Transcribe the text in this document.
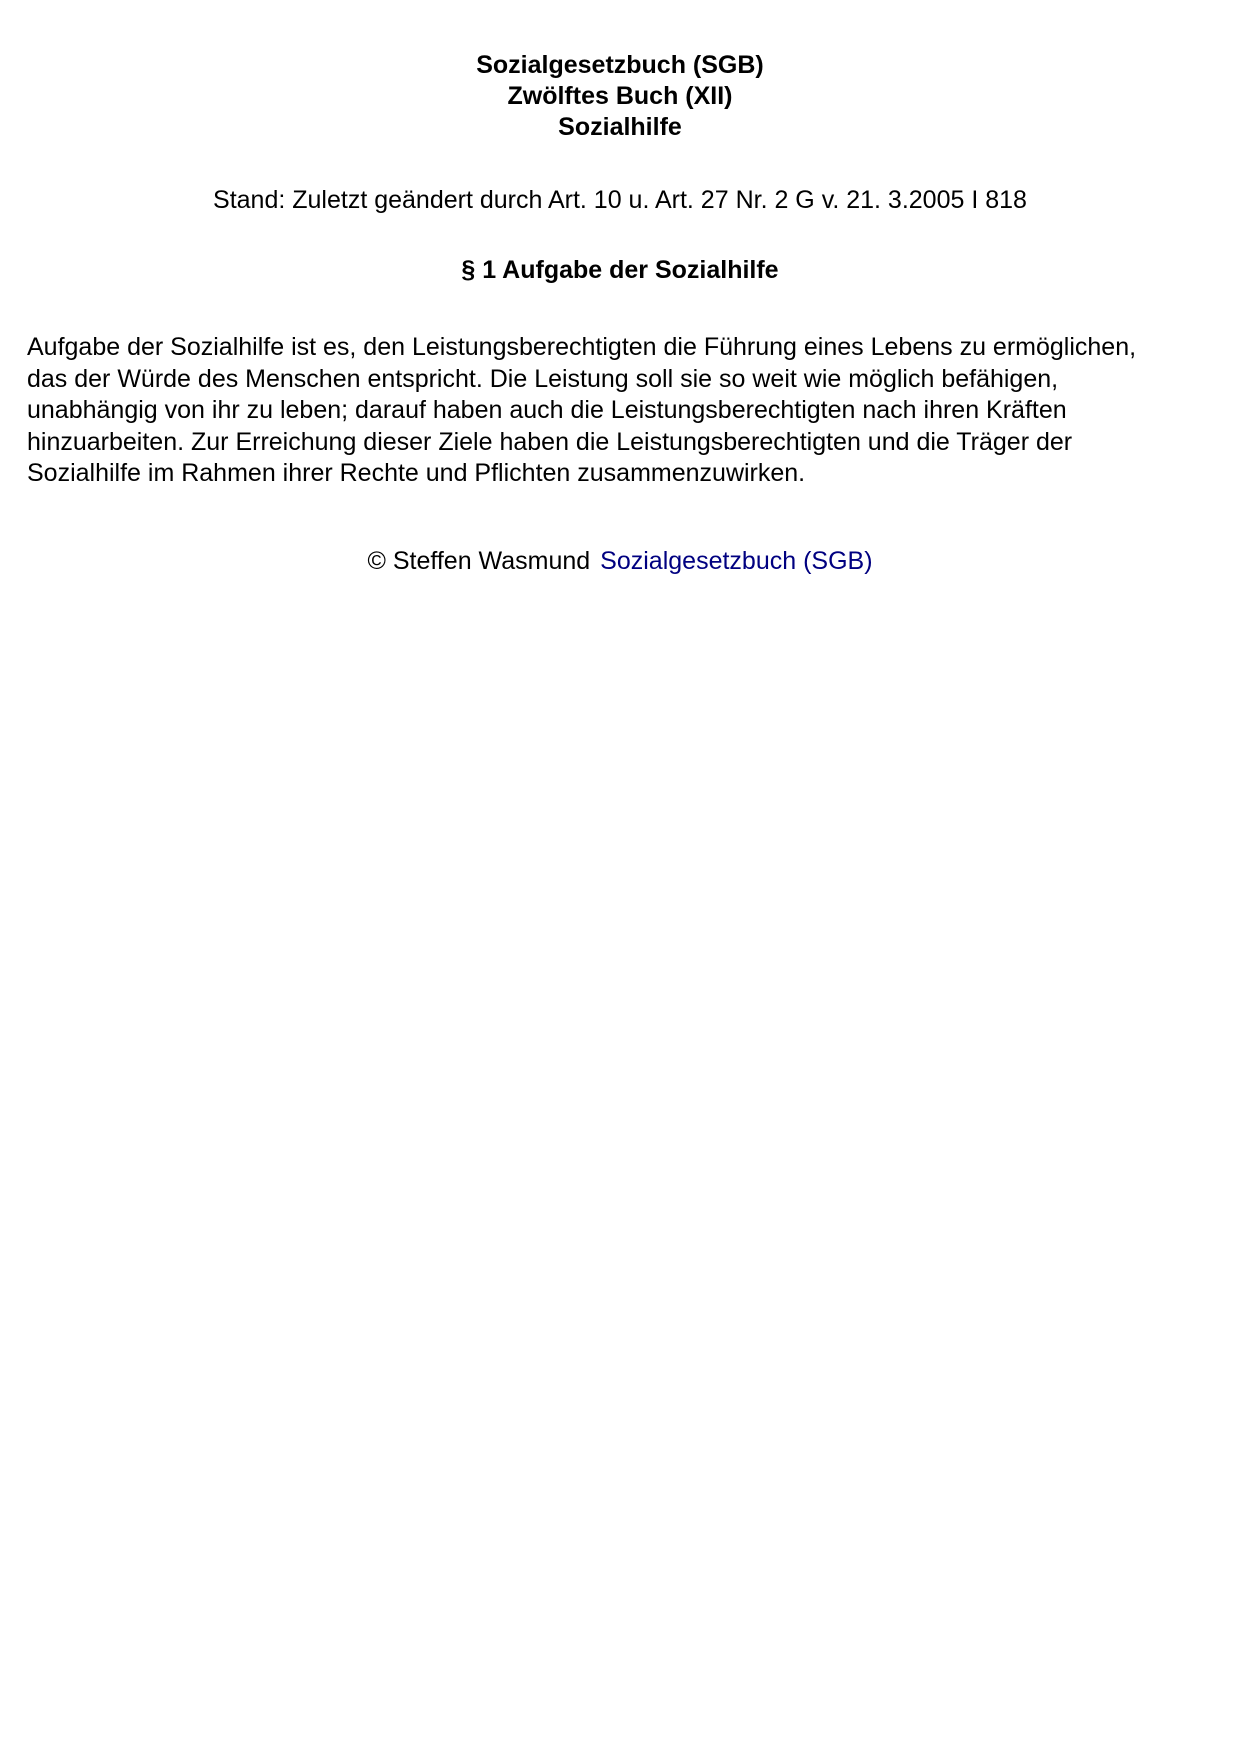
Sozialgesetzbuch (SGB)
Zwölftes Buch (XII)
Sozialhilfe
Stand: Zuletzt geändert durch Art. 10 u. Art. 27 Nr. 2 G v. 21. 3.2005 I 818
§ 1 Aufgabe der Sozialhilfe
Aufgabe der Sozialhilfe ist es, den Leistungsberechtigten die Führung eines Lebens zu ermöglichen,
das der Würde des Menschen entspricht. Die Leistung soll sie so weit wie möglich befähigen,
unabhängig von ihr zu leben; darauf haben auch die Leistungsberechtigten nach ihren Kräften
hinzuarbeiten. Zur Erreichung dieser Ziele haben die Leistungsberechtigten und die Träger der
Sozialhilfe im Rahmen ihrer Rechte und Pflichten zusammenzuwirken.
© Steffen Wasmund Sozialgesetzbuch (SGB)
